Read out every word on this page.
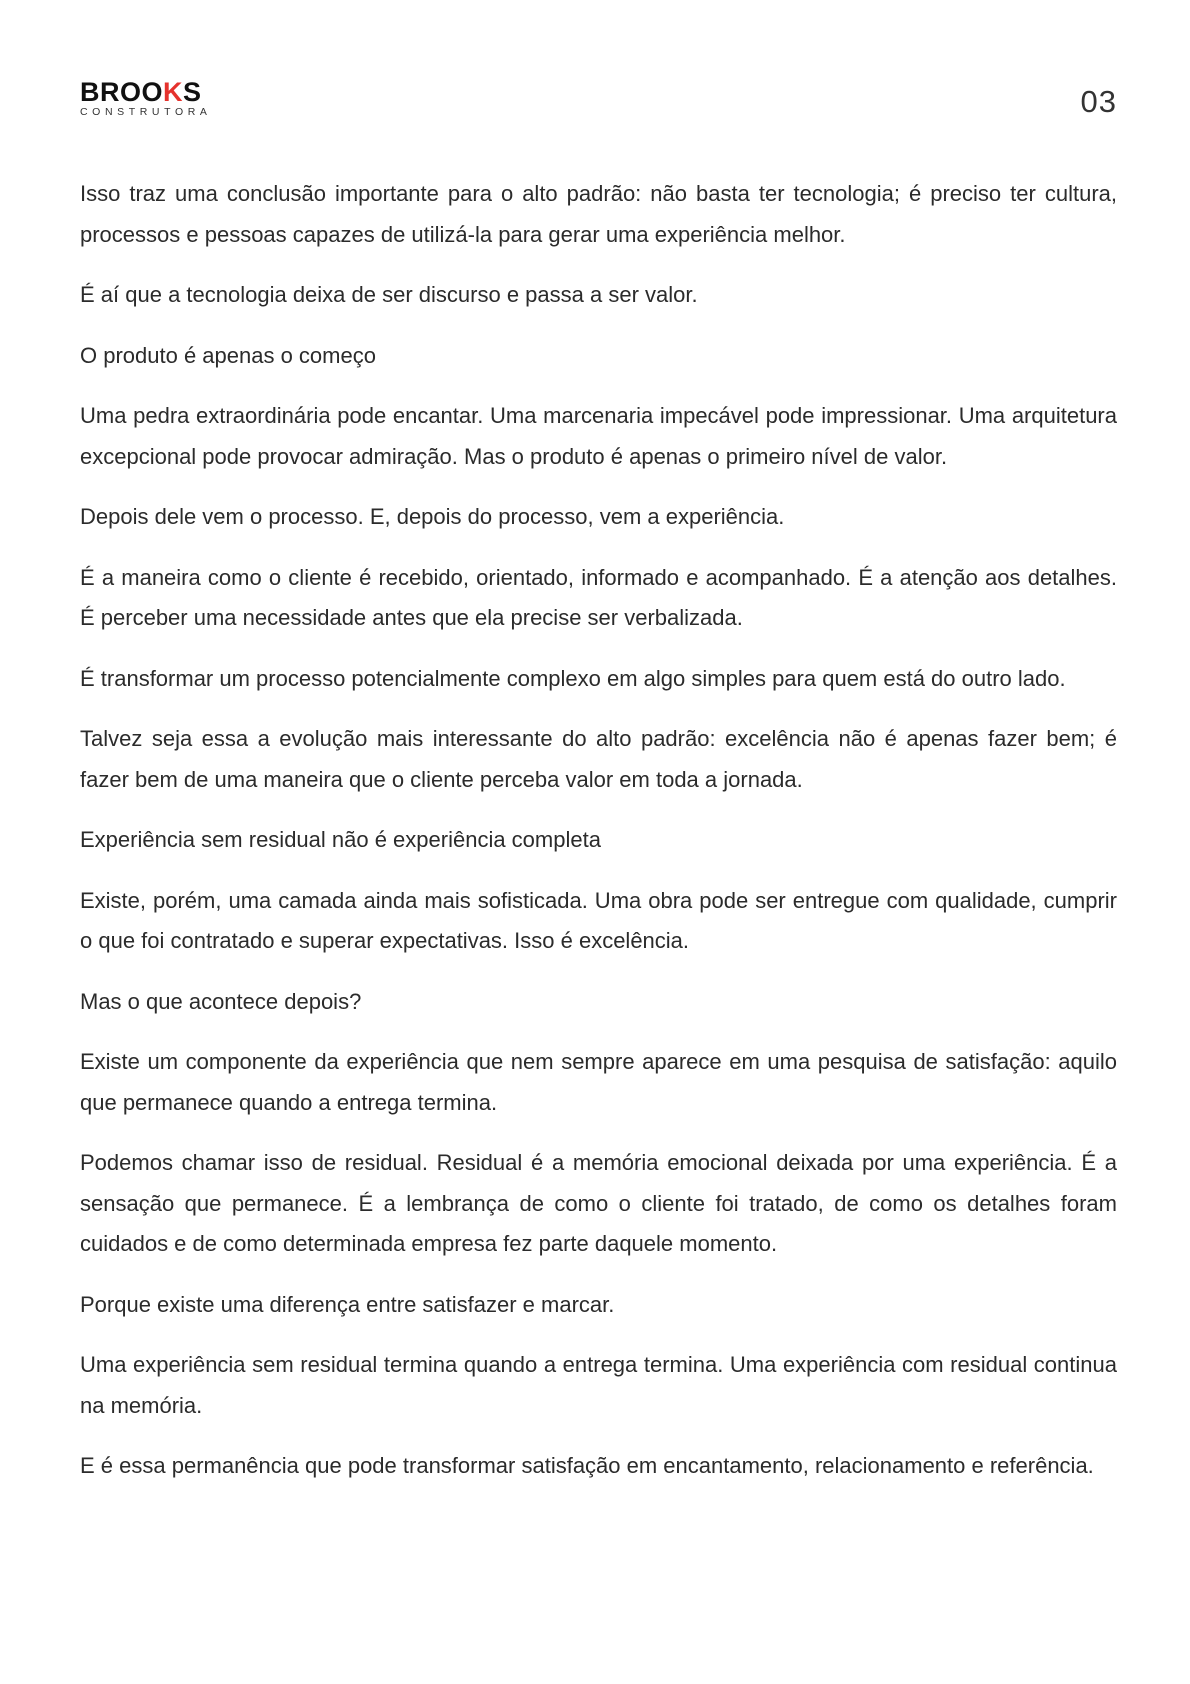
BROOKS
CONSTRUTORA	03

Isso traz uma conclusão importante para o alto padrão: não basta ter tecnologia; é preciso ter cultura, processos e pessoas capazes de utilizá-la para gerar uma experiência melhor.

É aí que a tecnologia deixa de ser discurso e passa a ser valor.

O produto é apenas o começo

Uma pedra extraordinária pode encantar. Uma marcenaria impecável pode impressionar. Uma arquitetura excepcional pode provocar admiração. Mas o produto é apenas o primeiro nível de valor.

Depois dele vem o processo. E, depois do processo, vem a experiência.

É a maneira como o cliente é recebido, orientado, informado e acompanhado. É a atenção aos detalhes. É perceber uma necessidade antes que ela precise ser verbalizada.

É transformar um processo potencialmente complexo em algo simples para quem está do outro lado.

Talvez seja essa a evolução mais interessante do alto padrão: excelência não é apenas fazer bem; é fazer bem de uma maneira que o cliente perceba valor em toda a jornada.

Experiência sem residual não é experiência completa

Existe, porém, uma camada ainda mais sofisticada. Uma obra pode ser entregue com qualidade, cumprir o que foi contratado e superar expectativas. Isso é excelência.

Mas o que acontece depois?

Existe um componente da experiência que nem sempre aparece em uma pesquisa de satisfação: aquilo que permanece quando a entrega termina.

Podemos chamar isso de residual. Residual é a memória emocional deixada por uma experiência. É a sensação que permanece. É a lembrança de como o cliente foi tratado, de como os detalhes foram cuidados e de como determinada empresa fez parte daquele momento.

Porque existe uma diferença entre satisfazer e marcar.

Uma experiência sem residual termina quando a entrega termina. Uma experiência com residual continua na memória.

E é essa permanência que pode transformar satisfação em encantamento, relacionamento e referência.
